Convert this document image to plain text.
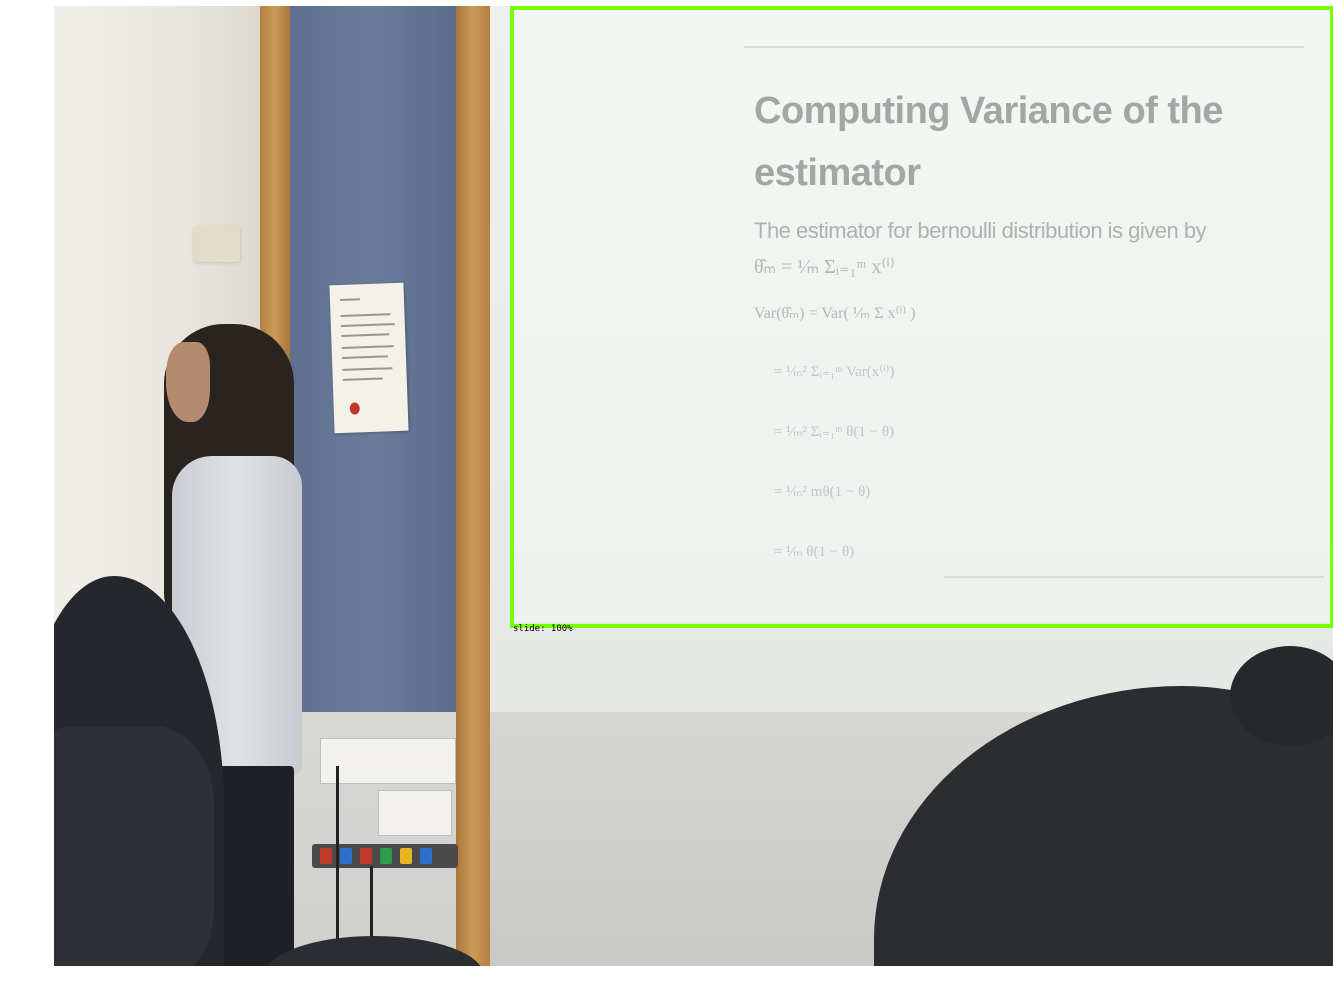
Computing Variance of the
estimator
The estimator for bernoulli distribution is given by
θ̂ₘ = ¹⁄ₘ Σᵢ₌₁ᵐ x⁽ⁱ⁾
Var(θ̂ₘ) = Var( ¹⁄ₘ Σ x⁽ⁱ⁾ )
= ¹⁄ₘ² Σᵢ₌₁ᵐ Var(x⁽ⁱ⁾)
= ¹⁄ₘ² Σᵢ₌₁ᵐ θ(1 − θ)
= ¹⁄ₘ² mθ(1 − θ)
= ¹⁄ₘ θ(1 − θ)
slide: 100%
